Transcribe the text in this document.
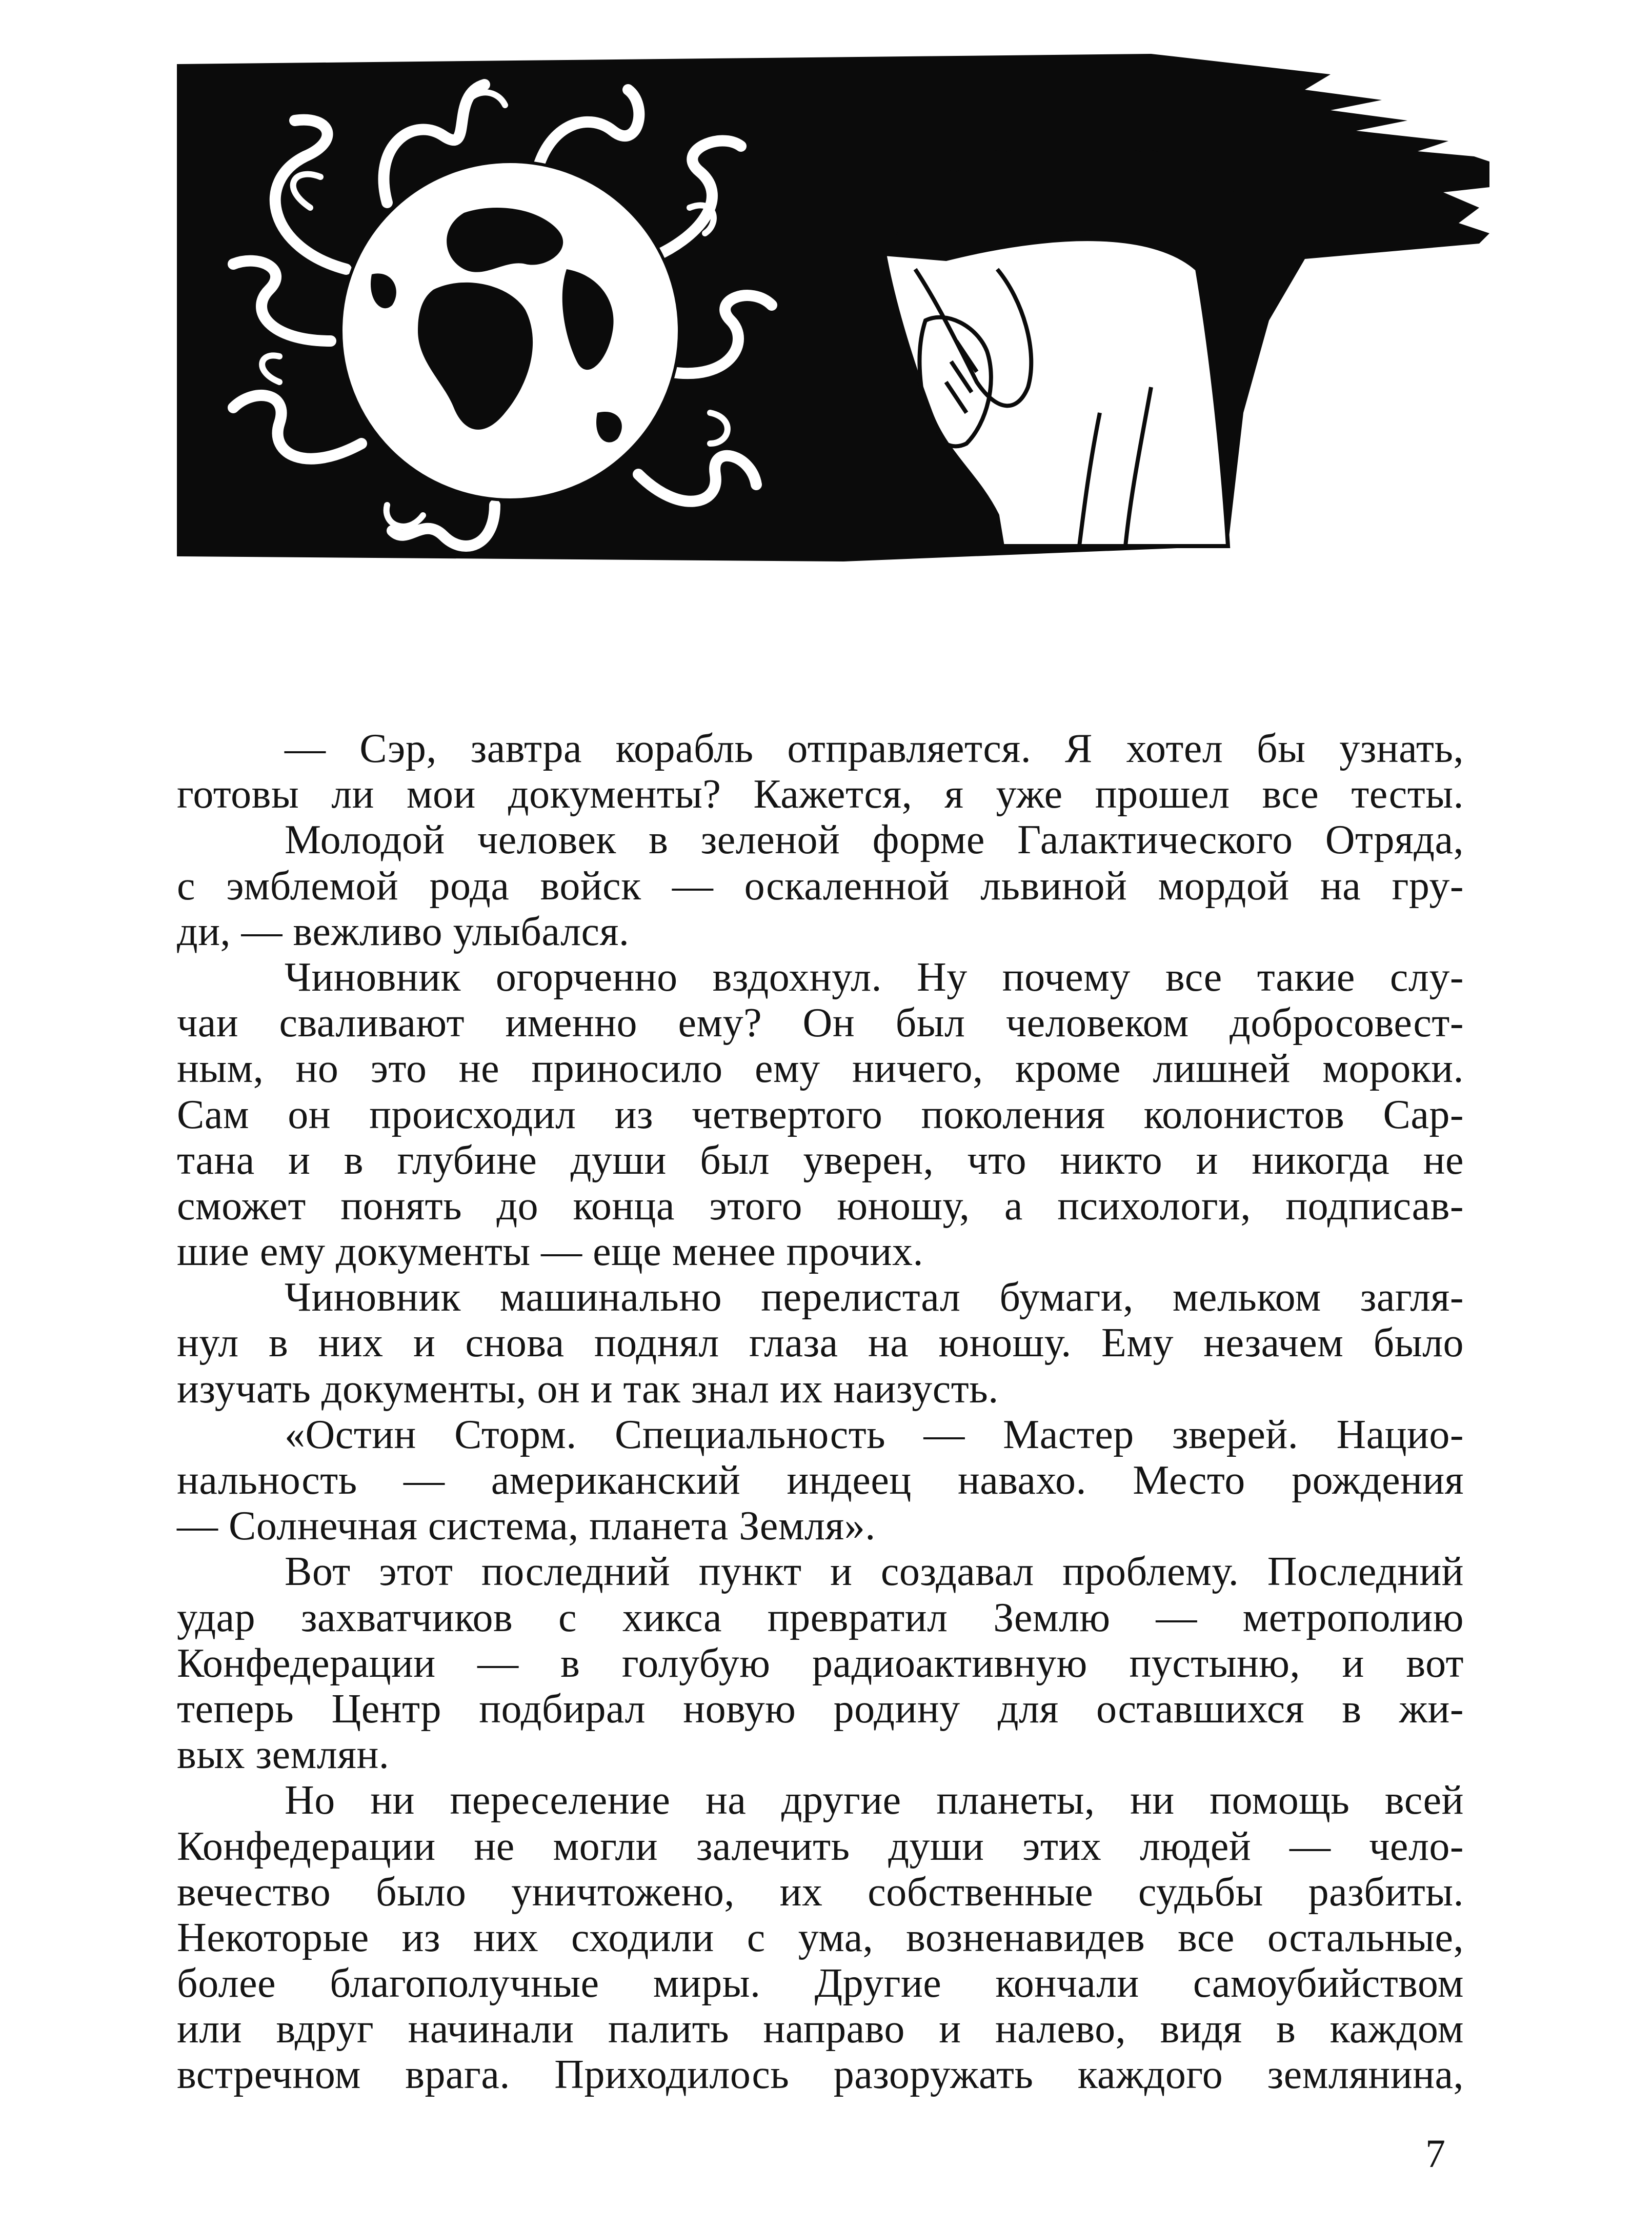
— Сэр, завтра корабль отправляется. Я хотел бы узнать,
готовы ли мои документы? Кажется, я уже прошел все тесты.
Молодой человек в зеленой форме Галактического Отряда,
с эмблемой рода войск — оскаленной львиной мордой на гру-
ди, — вежливо улыбался.
Чиновник огорченно вздохнул. Ну почему все такие слу-
чаи сваливают именно ему? Он был человеком добросовест-
ным, но это не приносило ему ничего, кроме лишней мороки.
Сам он происходил из четвертого поколения колонистов Сар-
тана и в глубине души был уверен, что никто и никогда не
сможет понять до конца этого юношу, а психологи, подписав-
шие ему документы — еще менее прочих.
Чиновник машинально перелистал бумаги, мельком загля-
нул в них и снова поднял глаза на юношу. Ему незачем было
изучать документы, он и так знал их наизусть.
«Остин Сторм. Специальность — Мастер зверей. Нацио-
нальность — американский индеец навахо. Место рождения
— Солнечная система, планета Земля».
Вот этот последний пункт и создавал проблему. Последний
удар захватчиков с хикса превратил Землю — метрополию
Конфедерации — в голубую радиоактивную пустыню, и вот
теперь Центр подбирал новую родину для оставшихся в жи-
вых землян.
Но ни переселение на другие планеты, ни помощь всей
Конфедерации не могли залечить души этих людей — чело-
вечество было уничтожено, их собственные судьбы разбиты.
Некоторые из них сходили с ума, возненавидев все остальные,
более благополучные миры. Другие кончали самоубийством
или вдруг начинали палить направо и налево, видя в каждом
встречном врага. Приходилось разоружать каждого землянина,
7
